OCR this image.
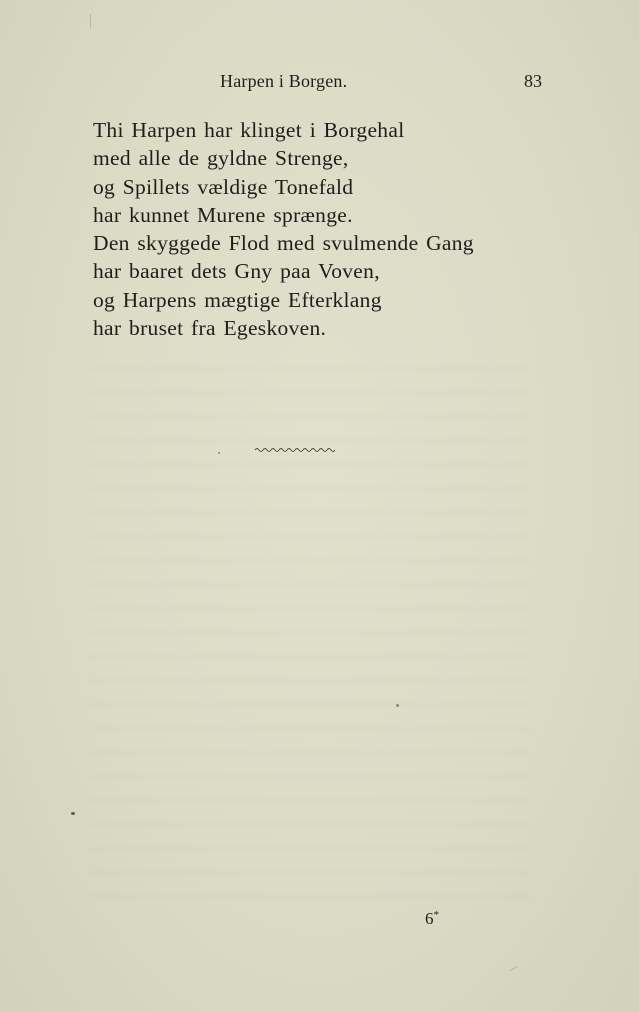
Harpen i Borgen.	83
Thi Harpen har klinget i Borgehal
med alle de gyldne Strenge,
og Spillets vældige Tonefald
har kunnet Murene sprænge.
Den skyggede Flod med svulmende Gang
har baaret dets Gny paa Voven,
og Harpens mægtige Efterklang
har bruset fra Egeskoven.
6*
